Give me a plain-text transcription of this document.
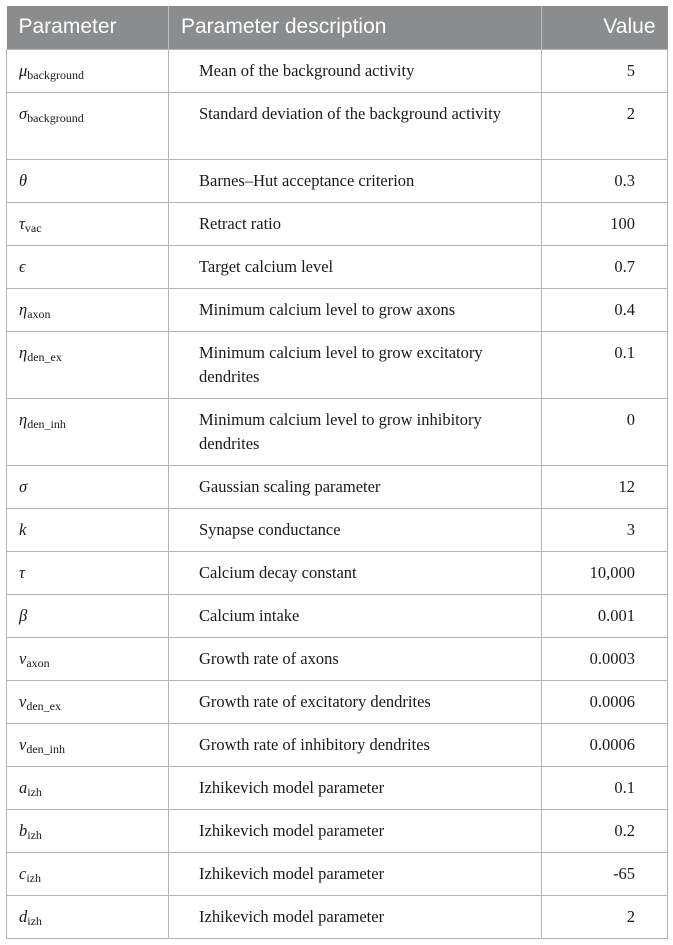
Parameter	Parameter description	Value
$\mu_{background}$	Mean of the background activity	5
$\sigma_{background}$	Standard deviation of the background activity	2
θ	Barnes–Hut acceptance criterion	0.3
$\tau_{vac}$	Retract ratio	100
ϵ	Target calcium level	0.7
$\eta_{axon}$	Minimum calcium level to grow axons	0.4
$\eta_{den\_ex}$	Minimum calcium level to grow excitatory dendrites	0.1
$\eta_{den\_inh}$	Minimum calcium level to grow inhibitory dendrites	0
σ	Gaussian scaling parameter	12
k	Synapse conductance	3
τ	Calcium decay constant	10,000
β	Calcium intake	0.001
$\nu_{axon}$	Growth rate of axons	0.0003
$\nu_{den\_ex}$	Growth rate of excitatory dendrites	0.0006
$\nu_{den\_inh}$	Growth rate of inhibitory dendrites	0.0006
$a_{izh}$	Izhikevich model parameter	0.1
$b_{izh}$	Izhikevich model parameter	0.2
$c_{izh}$	Izhikevich model parameter	-65
$d_{izh}$	Izhikevich model parameter	2
